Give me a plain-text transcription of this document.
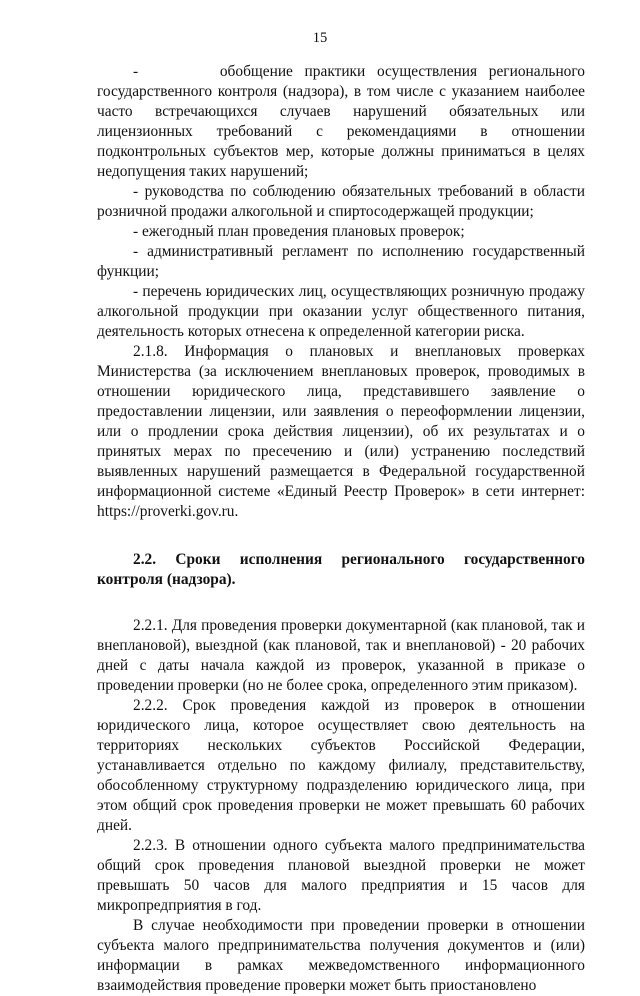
15

-       обобщение практики осуществления регионального государственного контроля (надзора), в том числе с указанием наиболее часто встречающихся случаев нарушений обязательных или лицензионных требований с рекомендациями в отношении подконтрольных субъектов мер, которые должны приниматься в целях недопущения таких нарушений;

- руководства по соблюдению обязательных требований в области розничной продажи алкогольной и спиртосодержащей продукции;

- ежегодный план проведения плановых проверок;

- административный регламент по исполнению государственный функции;

- перечень юридических лиц, осуществляющих розничную продажу алкогольной продукции при оказании услуг общественного питания, деятельность которых отнесена к определенной категории риска.

2.1.8. Информация о плановых и внеплановых проверках Министерства (за исключением внеплановых проверок, проводимых в отношении юридического лица, представившего заявление о предоставлении лицензии, или заявления о переоформлении лицензии, или о продлении срока действия лицензии), об их результатах и о принятых мерах по пресечению и (или) устранению последствий выявленных нарушений размещается в Федеральной государственной информационной системе «Единый Реестр Проверок» в сети интернет: https://proverki.gov.ru.

2.2. Сроки исполнения регионального государственного контроля (надзора).

2.2.1. Для проведения проверки документарной (как плановой, так и внеплановой), выездной (как плановой, так и внеплановой) - 20 рабочих дней с даты начала каждой из проверок, указанной в приказе о проведении проверки (но не более срока, определенного этим приказом).

2.2.2. Срок проведения каждой из проверок в отношении юридического лица, которое осуществляет свою деятельность на территориях нескольких субъектов Российской Федерации, устанавливается отдельно по каждому филиалу, представительству, обособленному структурному подразделению юридического лица, при этом общий срок проведения проверки не может превышать 60 рабочих дней.

2.2.3. В отношении одного субъекта малого предпринимательства общий срок проведения плановой выездной проверки не может превышать 50 часов для малого предприятия и 15 часов для микропредприятия в год.

В случае необходимости при проведении проверки в отношении субъекта малого предпринимательства получения документов и (или) информации в рамках межведомственного информационного взаимодействия проведение проверки может быть приостановлено
